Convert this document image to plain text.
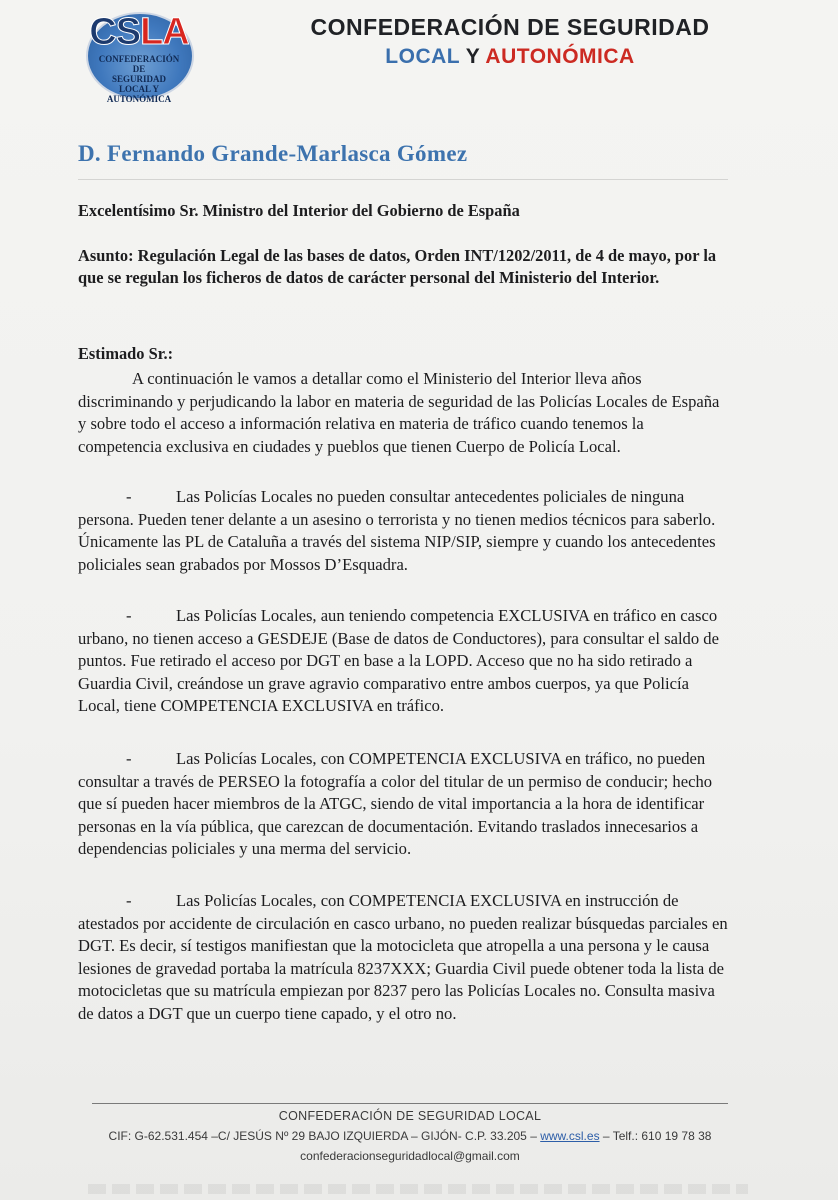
CSLA
CONFEDERACIÓN DE
SEGURIDAD
LOCAL Y AUTONÓMICA
CONFEDERACIÓN DE SEGURIDAD
LOCAL Y AUTONÓMICA
D. Fernando Grande-Marlasca Gómez
Excelentísimo Sr. Ministro del Interior del Gobierno de España
Asunto: Regulación Legal de las bases de datos, Orden INT/1202/2011, de 4 de mayo, por la que se regulan los ficheros de datos de carácter personal del Ministerio del Interior.
Estimado Sr.:
A continuación le vamos a detallar como el Ministerio del Interior lleva años discriminando y perjudicando la labor en materia de seguridad de las Policías Locales de España y sobre todo el acceso a información relativa en materia de tráfico cuando tenemos la competencia exclusiva en ciudades y pueblos que tienen Cuerpo de Policía Local.
-	Las Policías Locales no pueden consultar antecedentes policiales de ninguna persona. Pueden tener delante a un asesino o terrorista y no tienen medios técnicos para saberlo. Únicamente las PL de Cataluña a través del sistema NIP/SIP, siempre y cuando los antecedentes policiales sean grabados por Mossos D’Esquadra.
-	Las Policías Locales, aun teniendo competencia EXCLUSIVA en tráfico en casco urbano, no tienen acceso a GESDEJE (Base de datos de Conductores), para consultar el saldo de puntos. Fue retirado el acceso por DGT en base a la LOPD. Acceso que no ha sido retirado a Guardia Civil, creándose un grave agravio comparativo entre ambos cuerpos, ya que Policía Local, tiene COMPETENCIA EXCLUSIVA en tráfico.
-	Las Policías Locales, con COMPETENCIA EXCLUSIVA en tráfico, no pueden consultar a través de PERSEO la fotografía a color del titular de un permiso de conducir; hecho que sí pueden hacer miembros de la ATGC, siendo de vital importancia a la hora de identificar personas en la vía pública, que carezcan de documentación. Evitando traslados innecesarios a dependencias policiales y una merma del servicio.
-	Las Policías Locales, con COMPETENCIA EXCLUSIVA en instrucción de atestados por accidente de circulación en casco urbano, no pueden realizar búsquedas parciales en DGT. Es decir, sí testigos manifiestan que la motocicleta que atropella a una persona y le causa lesiones de gravedad portaba la matrícula 8237XXX; Guardia Civil puede obtener toda la lista de motocicletas que su matrícula empiezan por 8237 pero las Policías Locales no. Consulta masiva de datos a DGT que un cuerpo tiene capado, y el otro no.
CONFEDERACIÓN DE SEGURIDAD LOCAL
CIF: G-62.531.454 –C/ JESÚS Nº 29 BAJO IZQUIERDA – GIJÓN- C.P. 33.205 – www.csl.es – Telf.: 610 19 78 38
confederacionseguridadlocal@gmail.com
